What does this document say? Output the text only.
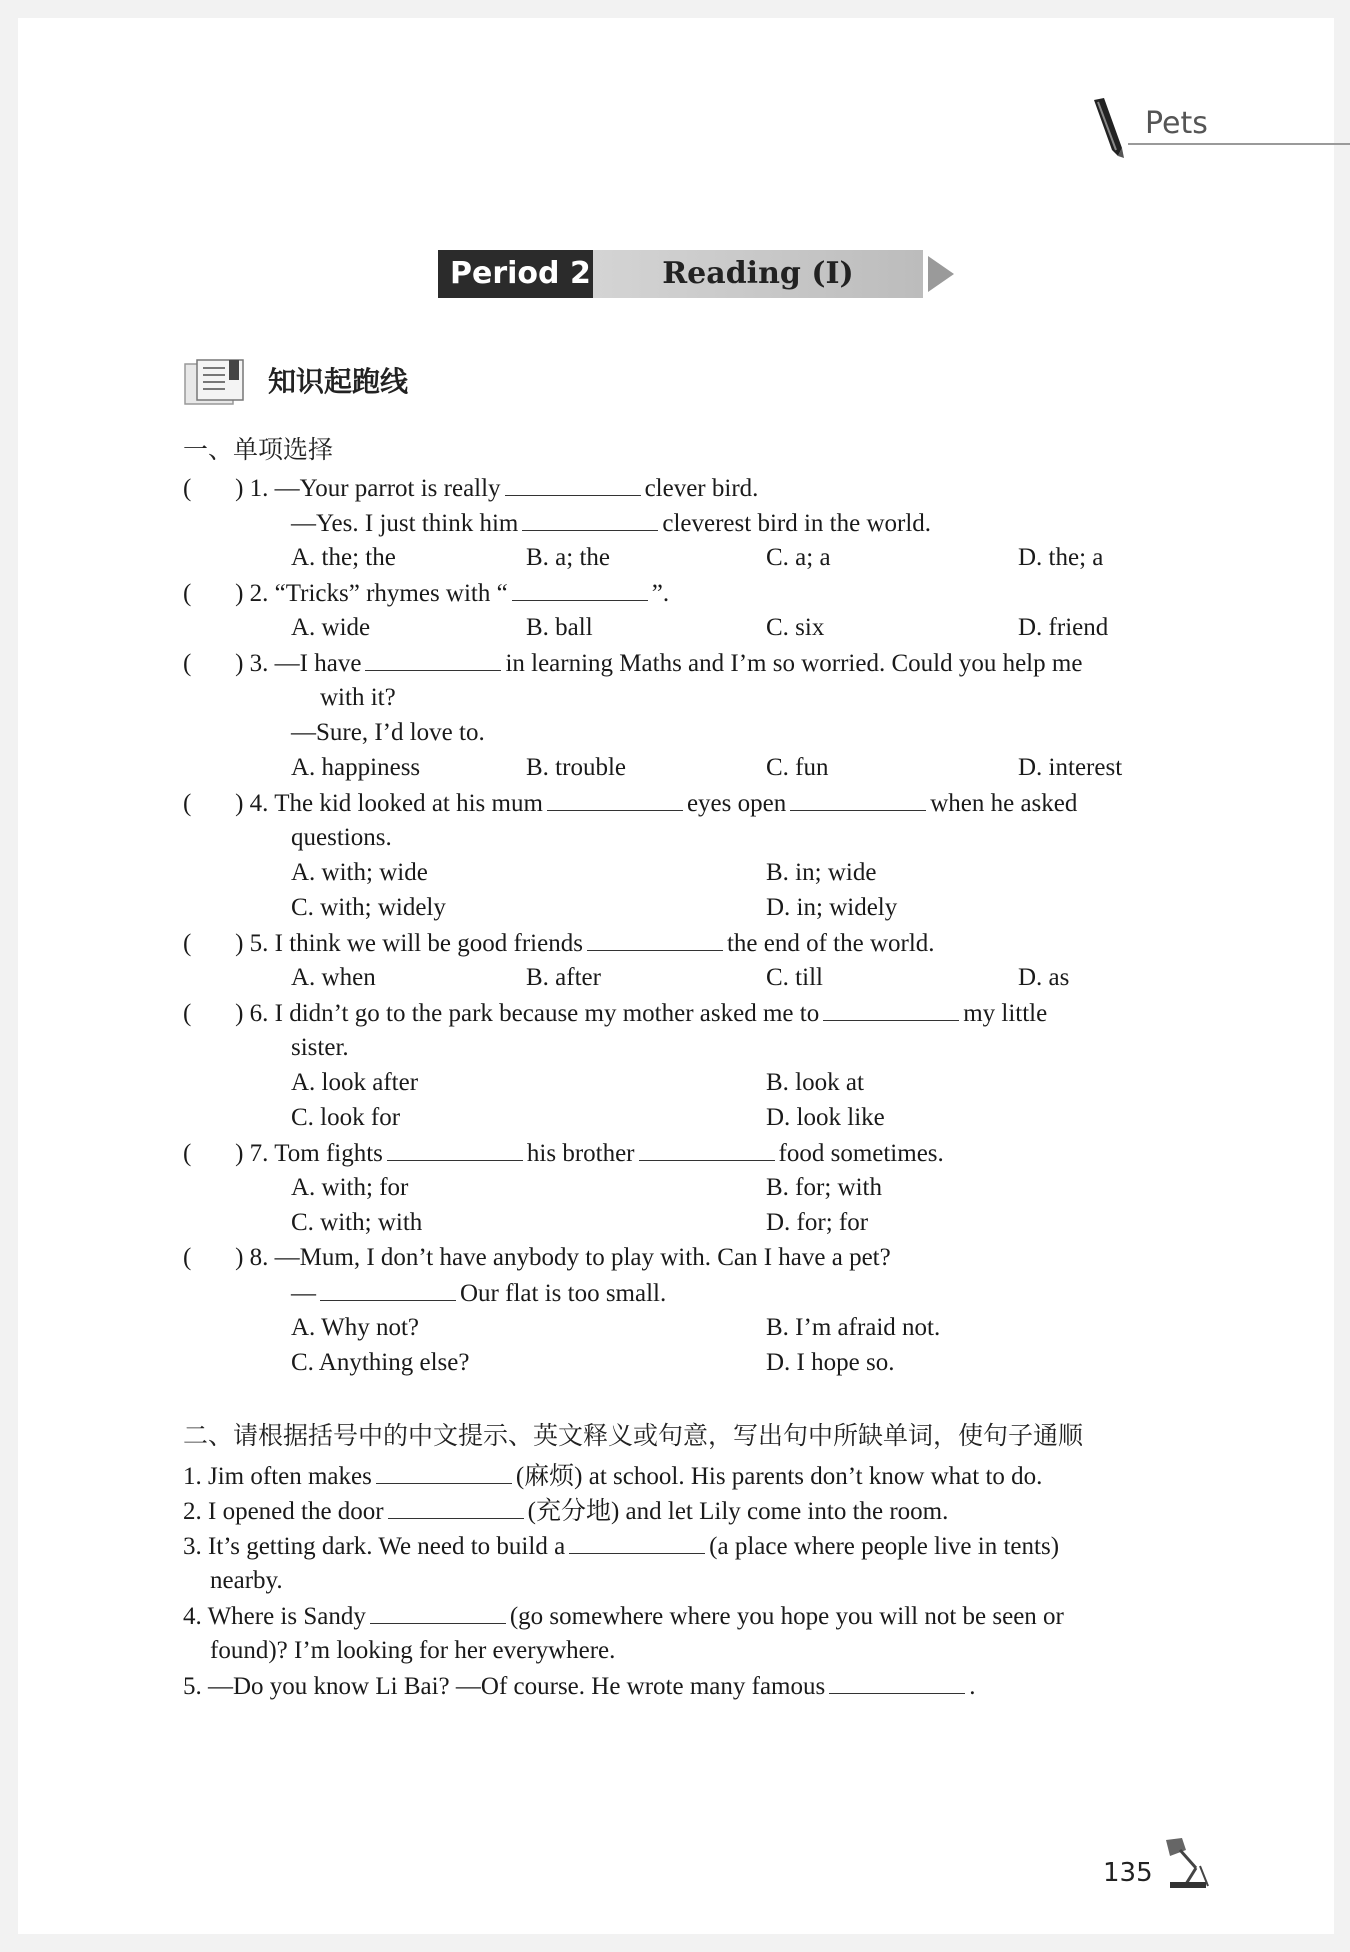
Pets
Period 2	Reading (I)
知识起跑线
一、单项选择
(       ) 1. —Your parrot is really	clever bird.
—Yes. I just think him	cleverest bird in the world.
A. the; the	B. a; the	C. a; a	D. the; a
(       ) 2. “Tricks” rhymes with “	”.
A. wide	B. ball	C. six	D. friend
(       ) 3. —I have	in learning Maths and I’m so worried. Could you help me
with it?
—Sure, I’d love to.
A. happiness	B. trouble	C. fun	D. interest
(       ) 4. The kid looked at his mum	eyes open	when he asked
questions.
A. with; wide	B. in; wide
C. with; widely	D. in; widely
(       ) 5. I think we will be good friends	the end of the world.
A. when	B. after	C. till	D. as
(       ) 6. I didn’t go to the park because my mother asked me to	my little
sister.
A. look after	B. look at
C. look for	D. look like
(       ) 7. Tom fights	his brother	food sometimes.
A. with; for	B. for; with
C. with; with	D. for; for
(       ) 8. —Mum, I don’t have anybody to play with. Can I have a pet?
—	Our flat is too small.
A. Why not?	B. I’m afraid not.
C. Anything else?	D. I hope so.
二、请根据括号中的中文提示、英文释义或句意，写出句中所缺单词，使句子通顺
1. Jim often makes	(麻烦) at school. His parents don’t know what to do.
2. I opened the door	(充分地) and let Lily come into the room.
3. It’s getting dark. We need to build a	(a place where people live in tents)
nearby.
4. Where is Sandy	(go somewhere where you hope you will not be seen or
found)? I’m looking for her everywhere.
5. —Do you know Li Bai? —Of course. He wrote many famous	.
135
